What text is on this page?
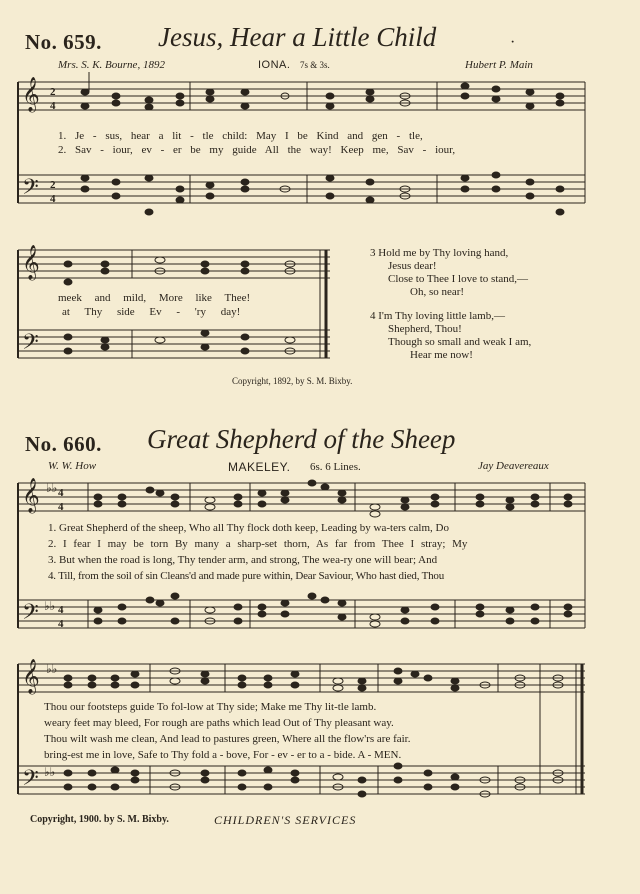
No. 659. Jesus, Hear a Little Child	·
Mrs. S. K. Bourne, 1892	IONA. 7s & 3s.	Hubert P. Main
𝄞
𝄢
2
4
2
4
1. Je - sus, hear a lit - tle child: May I be Kind and gen - tle,
2. Sav - iour, ev - er be my guide All the way! Keep me, Sav - iour,
𝄞
𝄢
meek and mild, More like Thee!
at Thy side Ev - 'ry day!
3 Hold me by Thy loving hand,
Jesus dear!
Close to Thee I love to stand,—
Oh, so near!
4 I'm Thy loving little lamb,—
Shepherd, Thou!
Though so small and weak I am,
Hear me now!
Copyright, 1892, by S. M. Bixby.
No. 660. Great Shepherd of the Sheep
W. W. How	MAKELEY. 6s. 6 Lines.	Jay Deavereaux
𝄞 ♭♭ 4
4
𝄢 ♭♭ 4
4
1. Great Shepherd of the sheep, Who all Thy flock doth keep, Leading by wa-ters calm, Do
2. I fear I may be torn By many a sharp-set thorn, As far from Thee I stray; My
3. But when the road is long, Thy tender arm, and strong, The wea-ry one will bear; And
4. Till, from the soil of sin Cleans'd and made pure within, Dear Saviour, Who hast died, Thou
𝄞 ♭♭
𝄢 ♭♭
Thou our footsteps guide To fol-low at Thy side; Make me Thy lit-tle lamb.
weary feet may bleed, For rough are paths which lead Out of Thy pleasant way.
Thou wilt wash me clean, And lead to pastures green, Where all the flow'rs are fair.
bring-est me in love, Safe to Thy fold a - bove, For - ev - er to a - bide. A - MEN.
Copyright, 1900. by S. M. Bixby.	CHILDREN'S SERVICES
